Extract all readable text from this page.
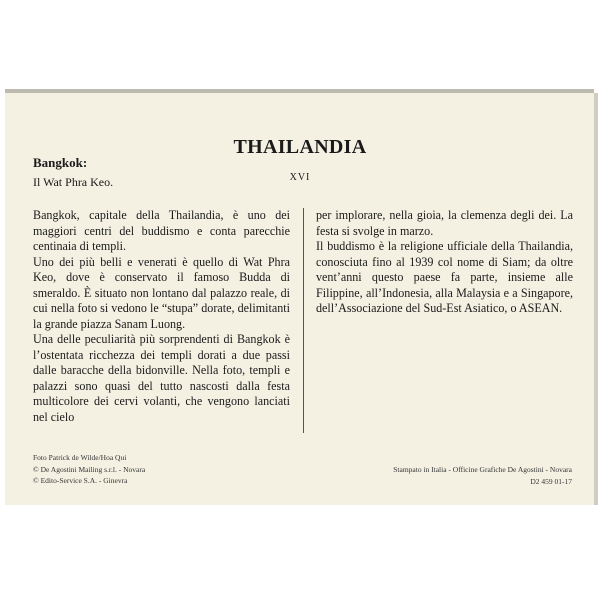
THAILANDIA
XVI
Bangkok:
Il Wat Phra Keo.

Bangkok, capitale della Thailandia, è uno dei maggiori centri del buddismo e conta parecchie centinaia di templi.

Uno dei più belli e venerati è quello di Wat Phra Keo, dove è conservato il famoso Budda di smeraldo. È situato non lontano dal palazzo reale, di cui nella foto si vedono le “stupa” dorate, delimitanti la grande piazza Sanam Luong.

Una delle peculiarità più sorprendenti di Bangkok è l’ostentata ricchezza dei templi dorati a due passi dalle baracche della bidonville. Nella foto, templi e palazzi sono quasi del tutto nascosti dalla festa multicolore dei cervi volanti, che vengono lanciati nel cielo

per implorare, nella gioia, la clemenza degli dei. La festa si svolge in marzo.

Il buddismo è la religione ufficiale della Thailandia, conosciuta fino al 1939 col nome di Siam; da oltre vent’anni questo paese fa parte, insieme alle Filippine, all’Indonesia, alla Malaysia e a Singapore, dell’Associazione del Sud-Est Asiatico, o ASEAN.

Foto Patrick de Wilde/Hoa Qui
© De Agostini Mailing s.r.l. - Novara
© Edito-Service S.A. - Ginevra
Stampato in Italia - Officine Grafiche De Agostini - Novara
D2 459 01-17
